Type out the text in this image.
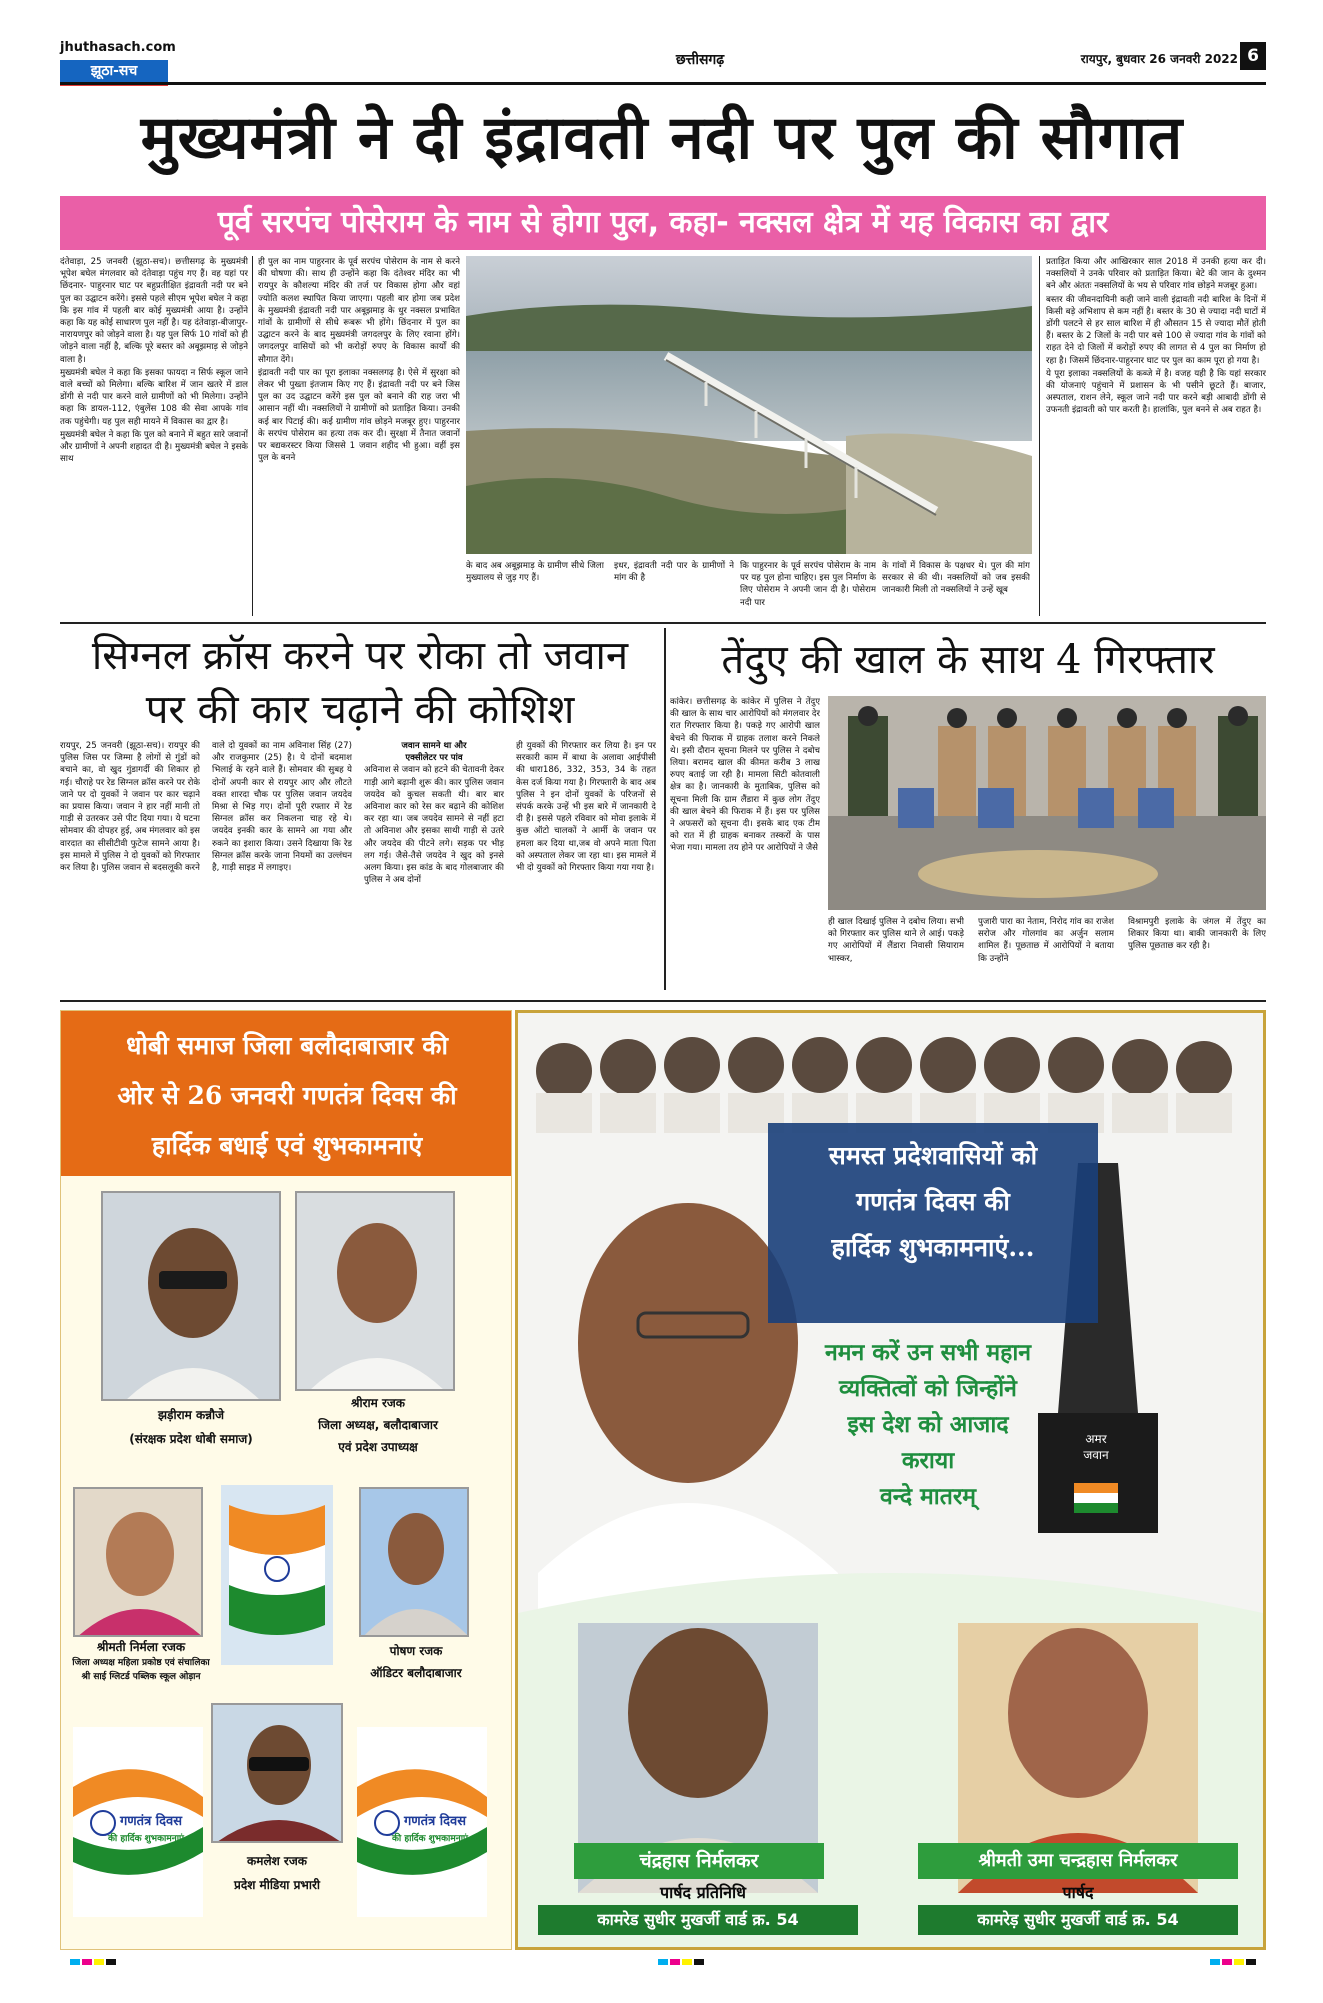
jhuthasach.com
झूठा-सच
छत्तीसगढ़	रायपुर, बुधवार 26 जनवरी 2022 6
मुख्यमंत्री ने दी इंद्रावती नदी पर पुल की सौगात
पूर्व सरपंच पोसेराम के नाम से होगा पुल, कहा- नक्सल क्षेत्र में यह विकास का द्वार

दंतेवाड़ा, 25 जनवरी (झूठा-सच)। छत्तीसगढ़ के मुख्यमंत्री भूपेश बघेल मंगलवार को दंतेवाड़ा पहुंच गए हैं। वह यहां पर छिंदनार- पाहुरनार घाट पर बहुप्रतीक्षित इंद्रावती नदी पर बने पुल का उद्घाटन करेंगे। इससे पहले सीएम भूपेश बघेल ने कहा कि इस गांव में पहली बार कोई मुख्यमंत्री आया है। उन्होंने कहा कि यह कोई साधारण पुल नहीं है। यह दंतेवाड़ा-बीजापुर-नारायणपुर को जोड़ने वाला है। यह पुल सिर्फ 10 गांवों को ही जोड़ने वाला नहीं है, बल्कि पूरे बस्तर को अबूझमाड़ से जोड़ने वाला है।

मुख्यमंत्री बघेल ने कहा कि इसका फायदा न सिर्फ स्कूल जाने वाले बच्चों को मिलेगा। बल्कि बारिश में जान खतरे में डाल डोंगी से नदी पार करने वाले ग्रामीणों को भी मिलेगा। उन्होंने कहा कि डायल-112, एंबुलेंस 108 की सेवा आपके गांव तक पहुंचेगी। यह पुल सही मायने में विकास का द्वार है।

मुख्यमंत्री बघेल ने कहा कि पुल को बनाने में बहुत सारे जवानों और ग्रामीणों ने अपनी शहादत दी है। मुख्यमंत्री बघेल ने इसके साथ

ही पुल का नाम पाहुरनार के पूर्व सरपंच पोसेराम के नाम से करने की घोषणा की। साथ ही उन्होंने कहा कि दंतेश्वर मंदिर का भी रायपुर के कौशल्या मंदिर की तर्ज पर विकास होगा और वहां ज्योति कलश स्थापित किया जाएगा। पहली बार होगा जब प्रदेश के मुख्यमंत्री इंद्रावती नदी पार अबूझमाड़ के धुर नक्सल प्रभावित गांवों के ग्रामीणों से सीधे रूबरू भी होंगे। छिंदनार में पुल का उद्घाटन करने के बाद मुख्यमंत्री जगदलपुर के लिए रवाना होंगे। जगदलपुर वासियों को भी करोड़ों रुपए के विकास कार्यों की सौगात देंगे।

इंद्रावती नदी पार का पूरा इलाका नक्सलगढ़ है। ऐसे में सुरक्षा को लेकर भी पुख्ता इंतजाम किए गए हैं। इंद्रावती नदी पर बने जिस पुल का उद उद्घाटन करेंगे इस पुल को बनाने की राह जरा भी आसान नहीं थी। नक्सलियों ने ग्रामीणों को प्रताड़ित किया। उनकी कई बार पिटाई की। कई ग्रामीण गांव छोड़ने मजबूर हुए। पाहुरनार के सरपंच पोसेराम का हत्या तक कर दी। सुरक्षा में तैनात जवानों पर बद्यकरस्टर किया जिससे 1 जवान शहीद भी हुआ। वहीं इस पुल के बनने

के बाद अब अबूझमाड़ के ग्रामीण सीधे जिला मुख्यालय से जुड़ गए हैं।
इधर, इंद्रावती नदी पार के ग्रामीणों ने मांग की है
कि पाहुरनार के पूर्व सरपंच पोसेराम के नाम पर यह पुल होना चाहिए। इस पुल निर्माण के लिए पोसेराम ने अपनी जान दी है। पोसेराम नदी पार
के गांवों में विकास के पक्षधर थे। पुल की मांग सरकार से की थी। नक्सलियों को जब इसकी जानकारी मिली तो नक्सलियों ने उन्हें खूब

प्रताड़ित किया और आखिरकार साल 2018 में उनकी हत्या कर दी। नक्सलियों ने उनके परिवार को प्रताड़ित किया। बेटे की जान के दुश्मन बने और अंततः नक्सलियों के भय से परिवार गांव छोड़ने मजबूर हुआ।

बस्तर की जीवनदायिनी कही जाने वाली इंद्रावती नदी बारिश के दिनों में किसी बड़े अभिशाप से कम नहीं है। बस्तर के 30 से ज्यादा नदी घाटों में डोंगी पलटने से हर साल बारिश में ही औसतन 15 से ज्यादा मौतें होती हैं। बस्तर के 2 जिलों के नदी पार बसे 100 से ज्यादा गांव के गांवों को राहत देने दो जिलों में करोड़ों रुपए की लागत से 4 पुल का निर्माण हो रहा है। जिसमें छिंदनार-पाहुरनार घाट पर पुल का काम पूरा हो गया है।

ये पूरा इलाका नक्सलियों के कब्जे में है। वजह यही है कि यहां सरकार की योजनाएं पहुंचाने में प्रशासन के भी पसीने छूटते हैं। बाजार, अस्पताल, राशन लेने, स्कूल जाने नदी पार करने बड़ी आबादी डोंगी से उफनती इंद्रावती को पार करती है। हालांकि, पुल बनने से अब राहत है।

सिग्नल क्रॉस करने पर रोका तो जवान
पर की कार चढ़ाने की कोशिश
रायपुर, 25 जनवरी (झूठा-सच)। रायपुर की पुलिस जिस पर जिम्मा है लोगों से गुंडों को बचाने का, वो खुद गुंडागर्दी की शिकार हो गई। चौराहे पर रेड सिग्नल क्रॉस करने पर रोके जाने पर दो युवकों ने जवान पर कार चढ़ाने का प्रयास किया। जवान ने हार नहीं मानी तो गाड़ी से उतरकर उसे पीट दिया गया। ये घटना सोमवार की दोपहर हुई, अब मंगलवार को इस वारदात का सीसीटीवी फुटेज सामने आया है। इस मामले में पुलिस ने दो युवकों को गिरफ्तार कर लिया है। पुलिस जवान से बदसलूकी करने
वाले दो युवकों का नाम अविनाश सिंह (27) और राजकुमार (25) है। ये दोनों बदमाश भिलाई के रहने वाले हैं। सोमवार की सुबह ये दोनों अपनी कार से रायपुर आए और लौटते वक्त शारदा चौक पर पुलिस जवान जयदेव मिश्रा से भिड़ गए। दोनों पूरी रफ्तार में रेड सिग्नल क्रॉस कर निकलना चाह रहे थे। जयदेव इनकी कार के सामने आ गया और रुकने का इशारा किया। उसने दिखाया कि रेड सिग्नल क्रॉस करके जाना नियमों का उल्लंघन है, गाड़ी साइड में लगाइए।
जवान सामने था और
एक्सीलेटर पर पांव
अविनाश से जवान को हटने की चेतावनी देकर गाड़ी आगे बढ़ानी शुरू की। कार पुलिस जवान जयदेव को कुचल सकती थी। बार बार अविनाश कार को रेस कर बढ़ाने की कोशिश कर रहा था। जब जयदेव सामने से नहीं हटा तो अविनाश और इसका साथी गाड़ी से उतरे और जयदेव की पीटने लगे। सड़क पर भीड़ लग गई। जैसे-तैसे जयदेव ने खुद को इनसे अलग किया। इस कांड के बाद गोलबाजार की पुलिस ने अब दोनों
ही युवकों की गिरफ्तार कर लिया है। इन पर सरकारी काम में बाधा के अलावा आईपीसी की धारा186, 332, 353, 34 के तहत केस दर्ज किया गया है। गिरफ्तारी के बाद अब पुलिस ने इन दोनों युवकों के परिजनों से संपर्क करके उन्हें भी इस बारे में जानकारी दे दी है। इससे पहले रविवार को मोवा इलाके में कुछ ऑटो चालकों ने आर्मी के जवान पर हमला कर दिया था,जब वो अपने माता पिता को अस्पताल लेकर जा रहा था। इस मामले में भी दो युवकों को गिरफ्तार किया गया गया है।
तेंदुए की खाल के साथ 4 गिरफ्तार
कांकेर। छत्तीसगढ़ के कांकेर में पुलिस ने तेंदुए की खाल के साथ चार आरोपियों को मंगलवार देर रात गिरफ्तार किया है। पकड़े गए आरोपी खाल बेचने की फिराक में ग्राहक तलाश करने निकले थे। इसी दौरान सूचना मिलने पर पुलिस ने दबोच लिया। बरामद खाल की कीमत करीब 3 लाख रुपए बताई जा रही है। मामला सिटी कोतवाली क्षेत्र का है। जानकारी के मुताबिक, पुलिस को सूचना मिली कि ग्राम लैंडारा में कुछ लोग तेंदुए की खाल बेचने की फिराक में हैं। इस पर पुलिस ने अफसरों को सूचना दी। इसके बाद एक टीम को रात में ही ग्राहक बनाकर तस्करों के पास भेजा गया। मामला तय होने पर आरोपियों ने जैसे
ही खाल दिखाई पुलिस ने दबोच लिया। सभी को गिरफ्तार कर पुलिस थाने ले आई। पकड़े गए आरोपियों में लैंडारा निवासी सियाराम भास्कर,
पुजारी पारा का नेताम, निरोद गांव का राजेश सरोज और गोलगांव का अर्जुन सलाम शामिल हैं। पूछताछ में आरोपियों ने बताया कि उन्होंने
विश्रामपुरी इलाके के जंगल में तेंदुए का शिकार किया था। बाकी जानकारी के लिए पुलिस पूछताछ कर रही है।
धोबी समाज जिला बलौदाबाजार की
ओर से 26 जनवरी गणतंत्र दिवस की
हार्दिक बधाई एवं शुभकामनाएं
झड़ीराम कन्नौजे
(संरक्षक प्रदेश धोबी समाज)
श्रीराम रजक
जिला अध्यक्ष, बलौदाबाजार
एवं प्रदेश उपाध्यक्ष
श्रीमती निर्मला रजक
जिला अध्यक्ष महिला प्रकोष्ठ एवं संचालिका
श्री साई ग्लिटर्ड पब्लिक स्कूल ओड़ान
पोषण रजक
ऑडिटर बलौदाबाजार
गणतंत्र दिवस
की हार्दिक शुभकामनाएं
कमलेश रजक
प्रदेश मीडिया प्रभारी
गणतंत्र दिवस
की हार्दिक शुभकामनाएं
समस्त प्रदेशवासियों को
गणतंत्र दिवस की
हार्दिक शुभकामनाएं...
नमन करें उन सभी महान
व्यक्तित्वों को जिन्होंने
इस देश को आजाद कराया
वन्दे मातरम्
अमर
जवान
चंद्रहास निर्मलकर
पार्षद प्रतिनिधि
कामरेड सुधीर मुखर्जी वार्ड क्र. 54
श्रीमती उमा चन्द्रहास निर्मलकर
पार्षद
कामरेड़ सुधीर मुखर्जी वार्ड क्र. 54
